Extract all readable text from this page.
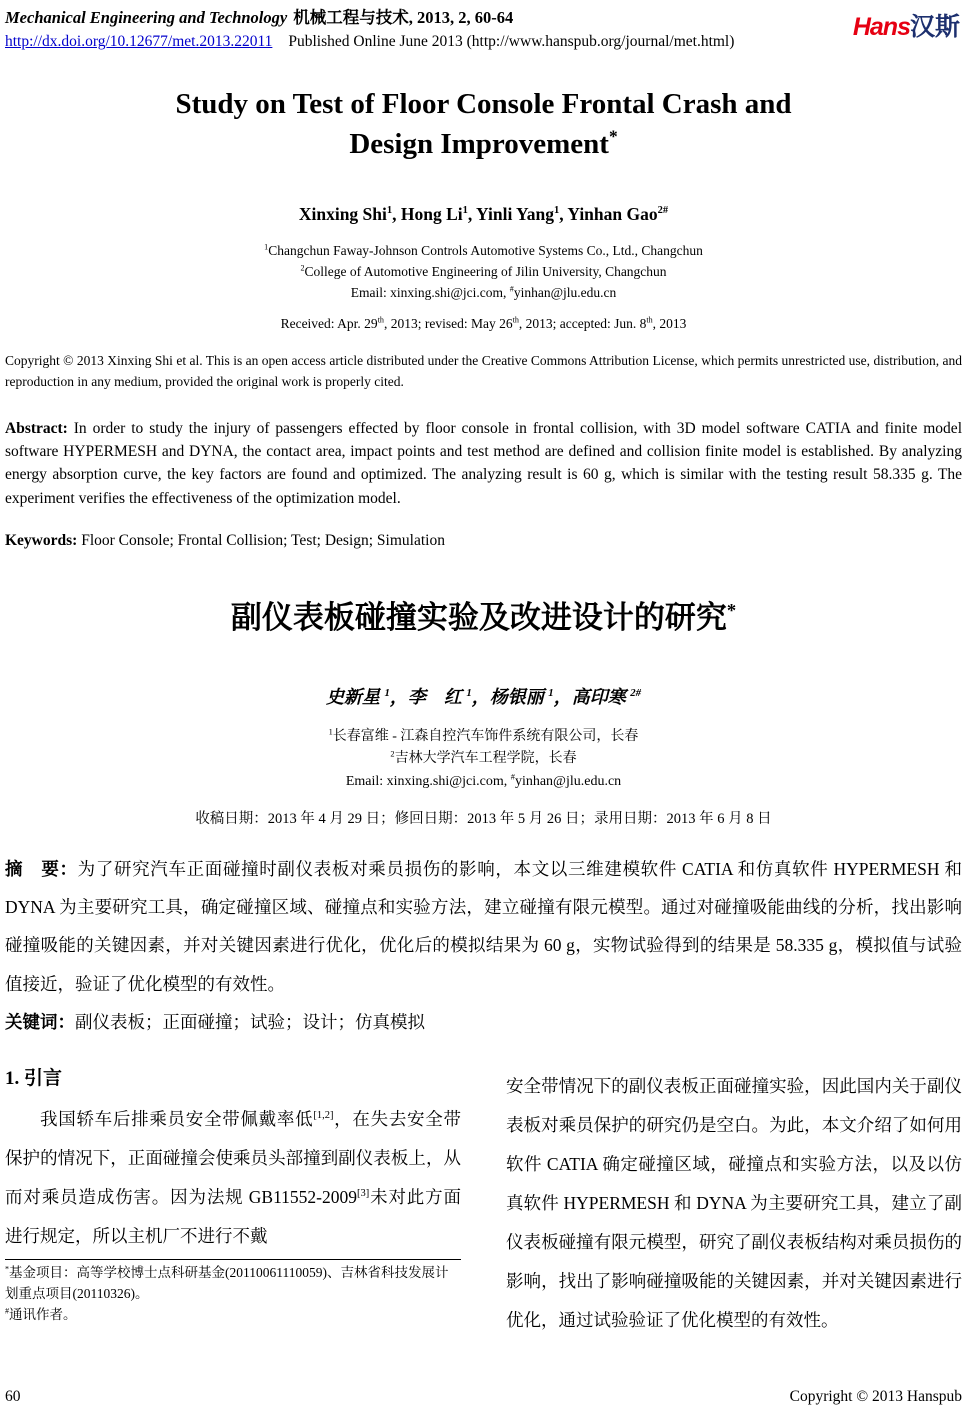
Mechanical Engineering and Technology 机械工程与技术, 2013, 2, 60-64
http://dx.doi.org/10.12677/met.2013.22011 Published Online June 2013 (http://www.hanspub.org/journal/met.html)
Hans汉斯
Study on Test of Floor Console Frontal Crash and
Design Improvement*
Xinxing Shi$^1$, Hong Li$^1$, Yinli Yang$^1$, Yinhan Gao$^{2\#}$
$^1$Changchun Faway-Johnson Controls Automotive Systems Co., Ltd., Changchun
$^2$College of Automotive Engineering of Jilin University, Changchun
Email: xinxing.shi@jci.com, #yinhan@jlu.edu.cn
Received: Apr. 29th, 2013; revised: May 26th, 2013; accepted: Jun. 8th, 2013
Copyright © 2013 Xinxing Shi et al. This is an open access article distributed under the Creative Commons Attribution License, which permits unrestricted use, distribution, and reproduction in any medium, provided the original work is properly cited.
Abstract: In order to study the injury of passengers effected by floor console in frontal collision, with 3D model software CATIA and finite model software HYPERMESH and DYNA, the contact area, impact points and test method are defined and collision finite model is established. By analyzing energy absorption curve, the key factors are found and optimized. The analyzing result is 60 g, which is similar with the testing result 58.335 g. The experiment verifies the effectiveness of the optimization model.
Keywords: Floor Console; Frontal Collision; Test; Design; Simulation
副仪表板碰撞实验及改进设计的研究*
史新星 $^1$，李　红 $^1$，杨银丽 $^1$，高印寒 $^{2\#}$
$^1$长春富维 - 江森自控汽车饰件系统有限公司，长春
$^2$吉林大学汽车工程学院，长春
Email: xinxing.shi@jci.com, #yinhan@jlu.edu.cn
收稿日期：2013 年 4 月 29 日；修回日期：2013 年 5 月 26 日；录用日期：2013 年 6 月 8 日
摘　要：为了研究汽车正面碰撞时副仪表板对乘员损伤的影响，本文以三维建模软件 CATIA 和仿真软件 HYPERMESH 和 DYNA 为主要研究工具，确定碰撞区域、碰撞点和实验方法，建立碰撞有限元模型。通过对碰撞吸能曲线的分析，找出影响碰撞吸能的关键因素，并对关键因素进行优化，优化后的模拟结果为 60 g，实物试验得到的结果是 58.335 g，模拟值与试验值接近，验证了优化模型的有效性。
关键词：副仪表板；正面碰撞；试验；设计；仿真模拟
1. 引言
我国轿车后排乘员安全带佩戴率低[1,2]，在失去安全带保护的情况下，正面碰撞会使乘员头部撞到副仪表板上，从而对乘员造成伤害。因为法规 GB11552-2009[3]未对此方面进行规定，所以主机厂不进行不戴
*基金项目：高等学校博士点科研基金(20110061110059)、吉林省科技发展计划重点项目(20110326)。
#通讯作者。
安全带情况下的副仪表板正面碰撞实验，因此国内关于副仪表板对乘员保护的研究仍是空白。为此，本文介绍了如何用软件 CATIA 确定碰撞区域，碰撞点和实验方法，以及以仿真软件 HYPERMESH 和 DYNA 为主要研究工具，建立了副仪表板碰撞有限元模型，研究了副仪表板结构对乘员损伤的影响，找出了影响碰撞吸能的关键因素，并对关键因素进行优化，通过试验验证了优化模型的有效性。
60	Copyright © 2013 Hanspub
